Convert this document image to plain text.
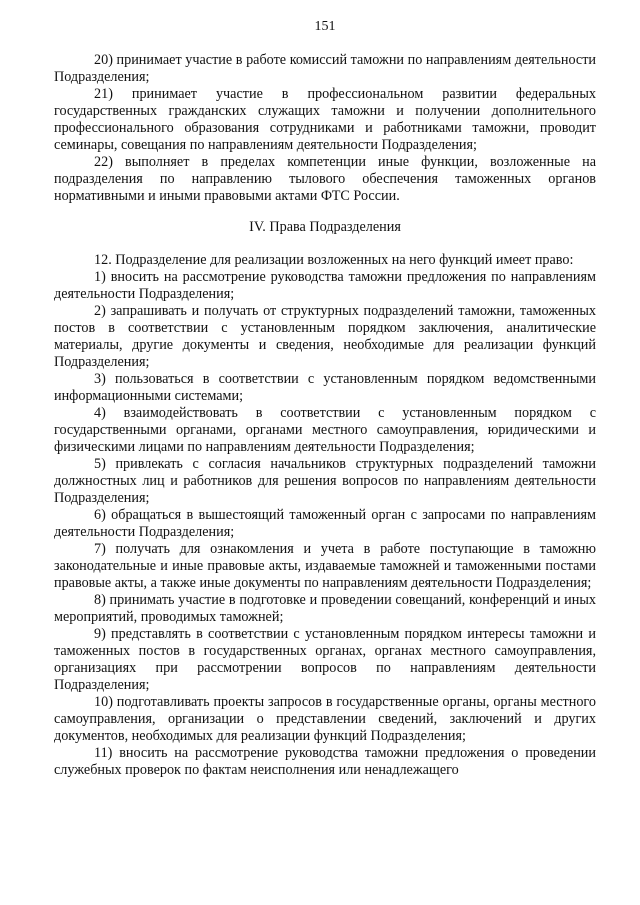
151

20) принимает участие в работе комиссий таможни по направлениям деятельности Подразделения;

21) принимает участие в профессиональном развитии федеральных государственных гражданских служащих таможни и получении дополнительного профессионального образования сотрудниками и работниками таможни, проводит семинары, совещания по направлениям деятельности Подразделения;

22) выполняет в пределах компетенции иные функции, возложенные на подразделения по направлению тылового обеспечения таможенных органов нормативными и иными правовыми актами ФТС России.

IV. Права Подразделения

12. Подразделение для реализации возложенных на него функций имеет право:

1) вносить на рассмотрение руководства таможни предложения по направлениям деятельности Подразделения;

2) запрашивать и получать от структурных подразделений таможни, таможенных постов в соответствии с установленным порядком заключения, аналитические материалы, другие документы и сведения, необходимые для реализации функций Подразделения;

3) пользоваться в соответствии с установленным порядком ведомственными информационными системами;

4) взаимодействовать в соответствии с установленным порядком с государственными органами, органами местного самоуправления, юридическими и физическими лицами по направлениям деятельности Подразделения;

5) привлекать с согласия начальников структурных подразделений таможни должностных лиц и работников для решения вопросов по направлениям деятельности Подразделения;

6) обращаться в вышестоящий таможенный орган с запросами по направлениям деятельности Подразделения;

7) получать для ознакомления и учета в работе поступающие в таможню законодательные и иные правовые акты, издаваемые таможней и таможенными постами правовые акты, а также иные документы по направлениям деятельности Подразделения;

8) принимать участие в подготовке и проведении совещаний, конференций и иных мероприятий, проводимых таможней;

9) представлять в соответствии с установленным порядком интересы таможни и таможенных постов в государственных органах, органах местного самоуправления, организациях при рассмотрении вопросов по направлениям деятельности Подразделения;

10) подготавливать проекты запросов в государственные органы, органы местного самоуправления, организации о представлении сведений, заключений и других документов, необходимых для реализации функций Подразделения;

11) вносить на рассмотрение руководства таможни предложения о проведении служебных проверок по фактам неисполнения или ненадлежащего
